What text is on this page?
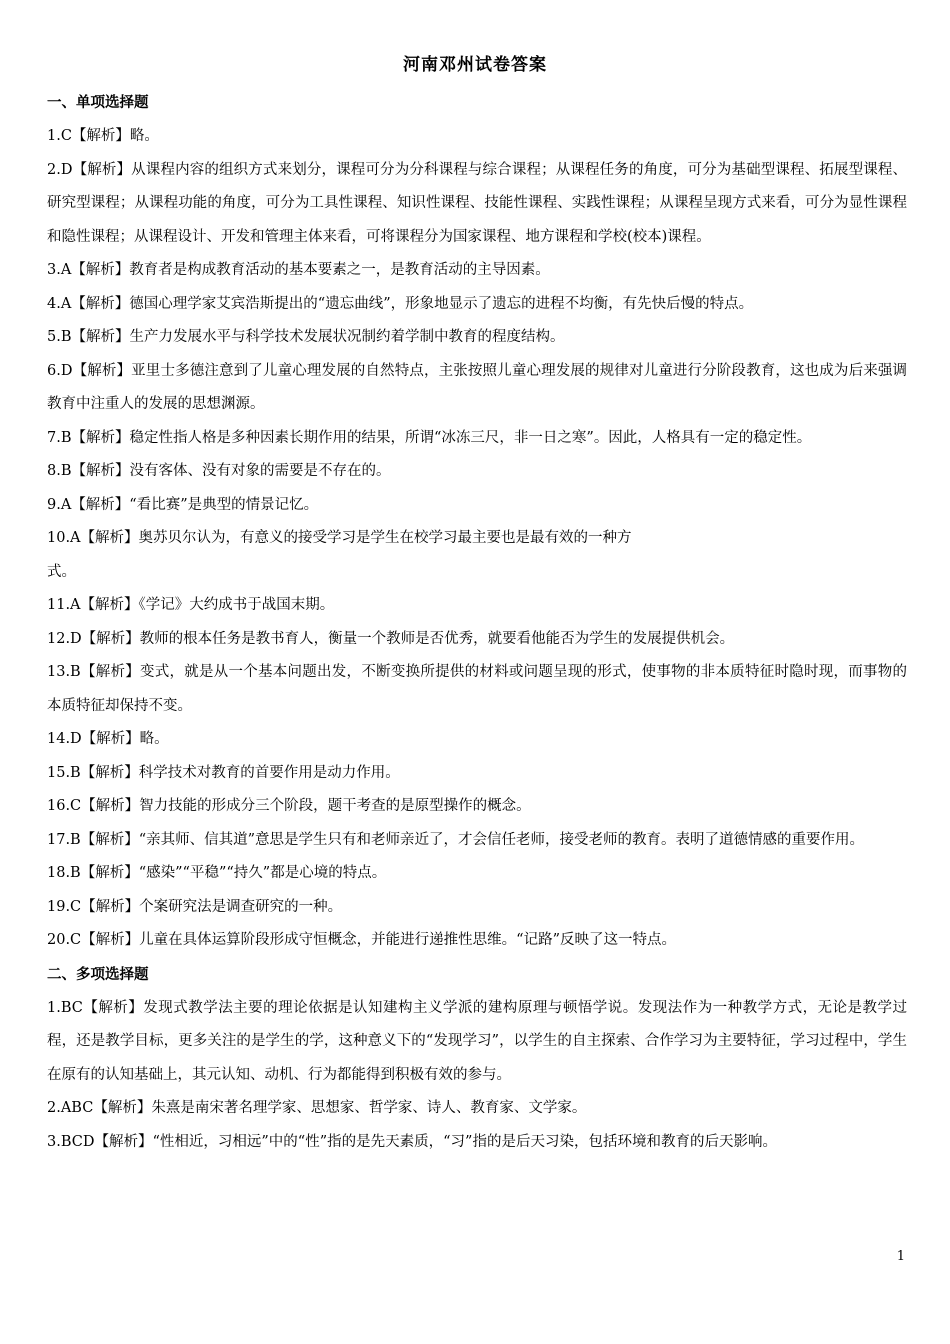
河南邓州试卷答案
一、单项选择题
1.C【解析】略。
2.D【解析】从课程内容的组织方式来划分，课程可分为分科课程与综合课程；从课程任务的角度，可分为基础型课程、拓展型课程、研究型课程；从课程功能的角度，可分为工具性课程、知识性课程、技能性课程、实践性课程；从课程呈现方式来看，可分为显性课程和隐性课程；从课程设计、开发和管理主体来看，可将课程分为国家课程、地方课程和学校(校本)课程。
3.A【解析】教育者是构成教育活动的基本要素之一，是教育活动的主导因素。
4.A【解析】德国心理学家艾宾浩斯提出的“遗忘曲线”，形象地显示了遗忘的进程不均衡，有先快后慢的特点。
5.B【解析】生产力发展水平与科学技术发展状况制约着学制中教育的程度结构。
6.D【解析】亚里士多德注意到了儿童心理发展的自然特点，主张按照儿童心理发展的规律对儿童进行分阶段教育，这也成为后来强调教育中注重人的发展的思想渊源。
7.B【解析】稳定性指人格是多种因素长期作用的结果，所谓“冰冻三尺，非一日之寒”。因此，人格具有一定的稳定性。
8.B【解析】没有客体、没有对象的需要是不存在的。
9.A【解析】“看比赛”是典型的情景记忆。
10.A【解析】奥苏贝尔认为，有意义的接受学习是学生在校学习最主要也是最有效的一种方
式。
11.A【解析】《学记》大约成书于战国末期。
12.D【解析】教师的根本任务是教书育人，衡量一个教师是否优秀，就要看他能否为学生的发展提供机会。
13.B【解析】变式，就是从一个基本问题出发，不断变换所提供的材料或问题呈现的形式，使事物的非本质特征时隐时现，而事物的本质特征却保持不变。
14.D【解析】略。
15.B【解析】科学技术对教育的首要作用是动力作用。
16.C【解析】智力技能的形成分三个阶段，题干考查的是原型操作的概念。
17.B【解析】“亲其师、信其道”意思是学生只有和老师亲近了，才会信任老师，接受老师的教育。表明了道德情感的重要作用。
18.B【解析】“感染”“平稳”“持久”都是心境的特点。
19.C【解析】个案研究法是调查研究的一种。
20.C【解析】儿童在具体运算阶段形成守恒概念，并能进行递推性思维。“记路”反映了这一特点。
二、多项选择题
1.BC【解析】发现式教学法主要的理论依据是认知建构主义学派的建构原理与顿悟学说。发现法作为一种教学方式，无论是教学过程，还是教学目标，更多关注的是学生的学，这种意义下的“发现学习”，以学生的自主探索、合作学习为主要特征，学习过程中，学生在原有的认知基础上，其元认知、动机、行为都能得到积极有效的参与。
2.ABC【解析】朱熹是南宋著名理学家、思想家、哲学家、诗人、教育家、文学家。
3.BCD【解析】“性相近，习相远”中的“性”指的是先天素质，“习”指的是后天习染，包括环境和教育的后天影响。
1
